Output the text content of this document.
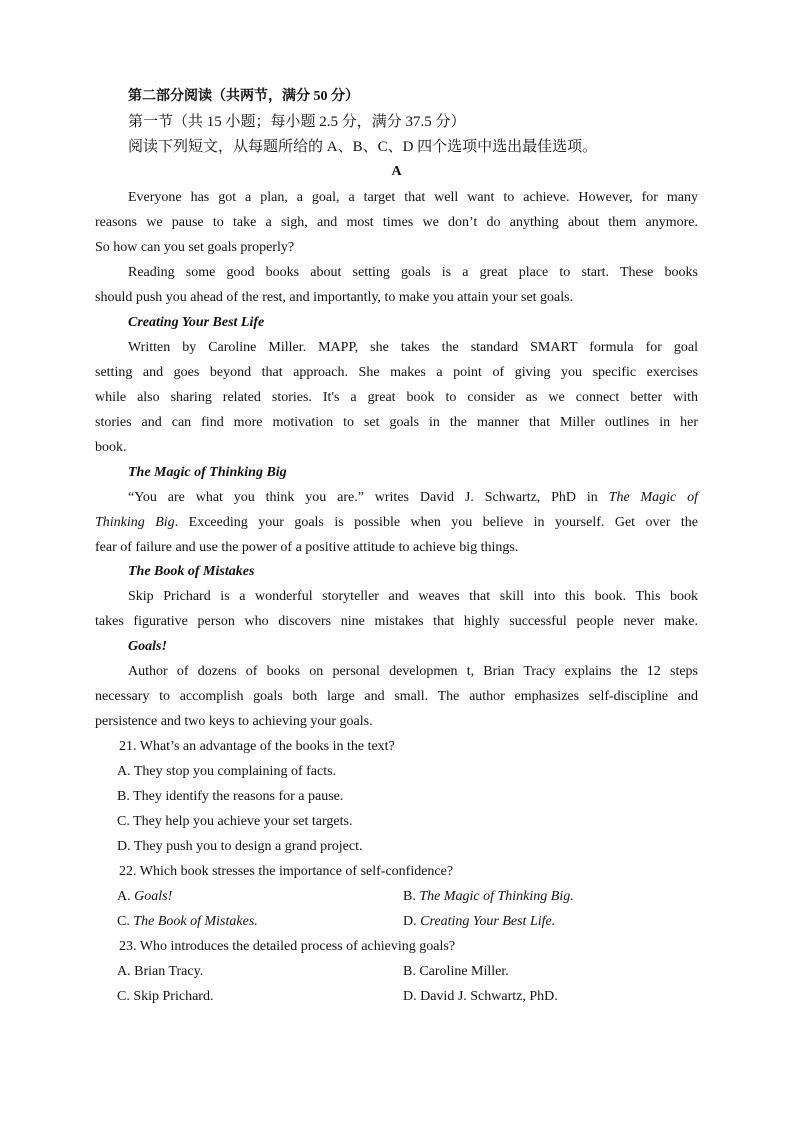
第二部分阅读（共两节，满分 50 分）
第一节（共 15 小题；每小题 2.5 分，满分 37.5 分）
阅读下列短文，从每题所给的 A、B、C、D 四个选项中选出最佳选项。
A
Everyone has got a plan, a goal, a target that well want to achieve. However, for many
reasons we pause to take a sigh, and most times we don’t do anything about them anymore.
So how can you set goals properly?
Reading some good books about setting goals is a great place to start. These books
should push you ahead of the rest, and importantly, to make you attain your set goals.
Creating Your Best Life
Written by Caroline Miller. MAPP, she takes the standard SMART formula for goal
setting and goes beyond that approach. She makes a point of giving you specific exercises
while also sharing related stories. It's a great book to consider as we connect better with
stories and can find more motivation to set goals in the manner that Miller outlines in her
book.
The Magic of Thinking Big
“You are what you think you are.” writes David J. Schwartz, PhD in The Magic of
Thinking Big. Exceeding your goals is possible when you believe in yourself. Get over the
fear of failure and use the power of a positive attitude to achieve big things.
The Book of Mistakes
Skip Prichard is a wonderful storyteller and weaves that skill into this book. This book
takes figurative person who discovers nine mistakes that highly successful people never make.
Goals!
Author of dozens of books on personal developmen t, Brian Tracy explains the 12 steps
necessary to accomplish goals both large and small. The author emphasizes self-discipline and
persistence and two keys to achieving your goals.
21. What’s an advantage of the books in the text?
A. They stop you complaining of facts.
B. They identify the reasons for a pause.
C. They help you achieve your set targets.
D. They push you to design a grand project.
22. Which book stresses the importance of self-confidence?
A. Goals!	B. The Magic of Thinking Big.
C. The Book of Mistakes.	D. Creating Your Best Life.
23. Who introduces the detailed process of achieving goals?
A. Brian Tracy.	B. Caroline Miller.
C. Skip Prichard.	D. David J. Schwartz, PhD.
